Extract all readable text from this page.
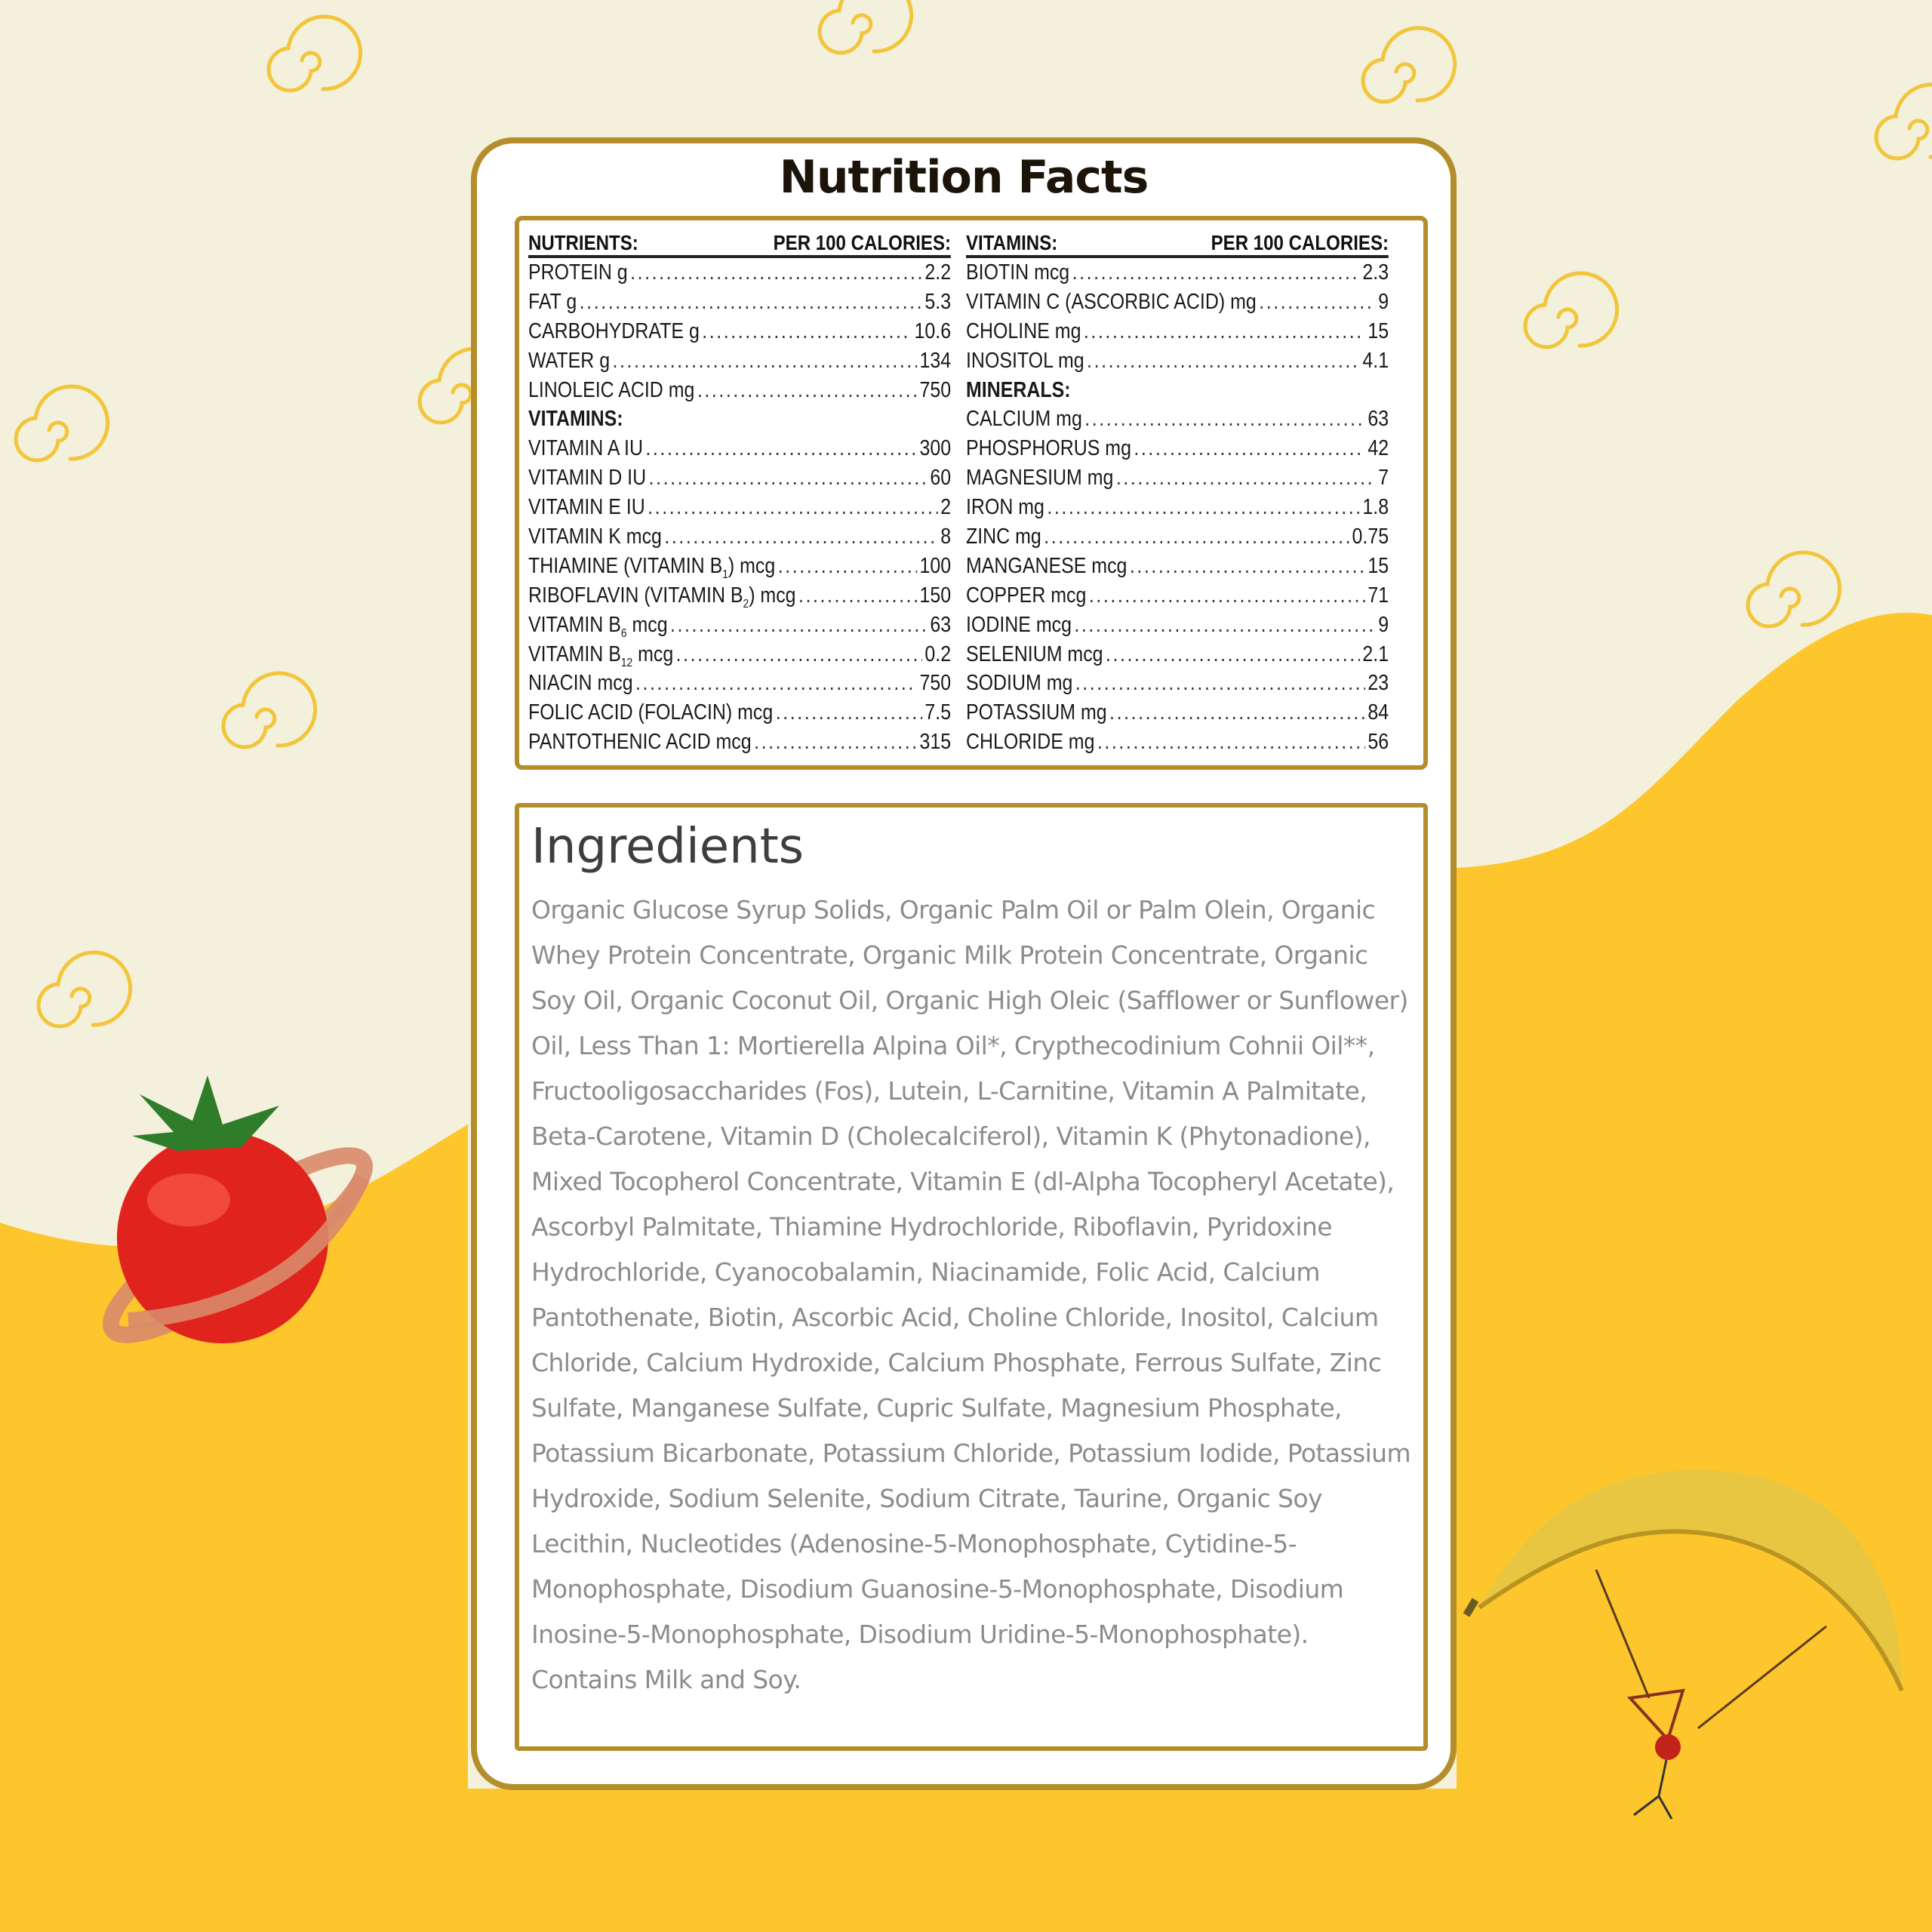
Nutrition Facts
NUTRIENTS:	PER 100 CALORIES:
PROTEIN g .....	2.2
FAT g .....	5.3
CARBOHYDRATE g .....	10.6
WATER g .....	134
LINOLEIC ACID mg .....	750
VITAMINS:
VITAMIN A IU .....	300
VITAMIN D IU .....	60
VITAMIN E IU .....	2
VITAMIN K mcg .....	8
THIAMINE (VITAMIN $B_1$) mcg .....	100
RIBOFLAVIN (VITAMIN $B_2$) mcg .....	150
VITAMIN $B_6$ mcg .....	63
VITAMIN $B_{12}$ mcg .....	0.2
NIACIN mcg .....	750
FOLIC ACID (FOLACIN) mcg .....	7.5
PANTOTHENIC ACID mcg .....	315
VITAMINS:	PER 100 CALORIES:
BIOTIN mcg .....	2.3
VITAMIN C (ASCORBIC ACID) mg .....	9
CHOLINE mg .....	15
INOSITOL mg .....	4.1
MINERALS:
CALCIUM mg .....	63
PHOSPHORUS mg .....	42
MAGNESIUM mg .....	7
IRON mg .....	1.8
ZINC mg .....	0.75
MANGANESE mcg .....	15
COPPER mcg .....	71
IODINE mcg .....	9
SELENIUM mcg .....	2.1
SODIUM mg .....	23
POTASSIUM mg .....	84
CHLORIDE mg .....	56
Ingredients
Organic Glucose Syrup Solids, Organic Palm Oil or Palm Olein, Organic Whey Protein Concentrate, Organic Milk Protein Concentrate, Organic Soy Oil, Organic Coconut Oil, Organic High Oleic (Safflower or Sunflower) Oil, Less Than 1: Mortierella Alpina Oil*, Crypthecodinium Cohnii Oil**, Fructooligosaccharides (Fos), Lutein, L-Carnitine, Vitamin A Palmitate, Beta-Carotene, Vitamin D (Cholecalciferol), Vitamin K (Phytonadione), Mixed Tocopherol Concentrate, Vitamin E (dl-Alpha Tocopheryl Acetate), Ascorbyl Palmitate, Thiamine Hydrochloride, Riboflavin, Pyridoxine Hydrochloride, Cyanocobalamin, Niacinamide, Folic Acid, Calcium Pantothenate, Biotin, Ascorbic Acid, Choline Chloride, Inositol, Calcium Chloride, Calcium Hydroxide, Calcium Phosphate, Ferrous Sulfate, Zinc Sulfate, Manganese Sulfate, Cupric Sulfate, Magnesium Phosphate, Potassium Bicarbonate, Potassium Chloride, Potassium Iodide, Potassium Hydroxide, Sodium Selenite, Sodium Citrate, Taurine, Organic Soy Lecithin, Nucleotides (Adenosine-5-Monophosphate, Cytidine-5-Monophosphate, Disodium Guanosine-5-Monophosphate, Disodium Inosine-5-Monophosphate, Disodium Uridine-5-Monophosphate). Contains Milk and Soy.
